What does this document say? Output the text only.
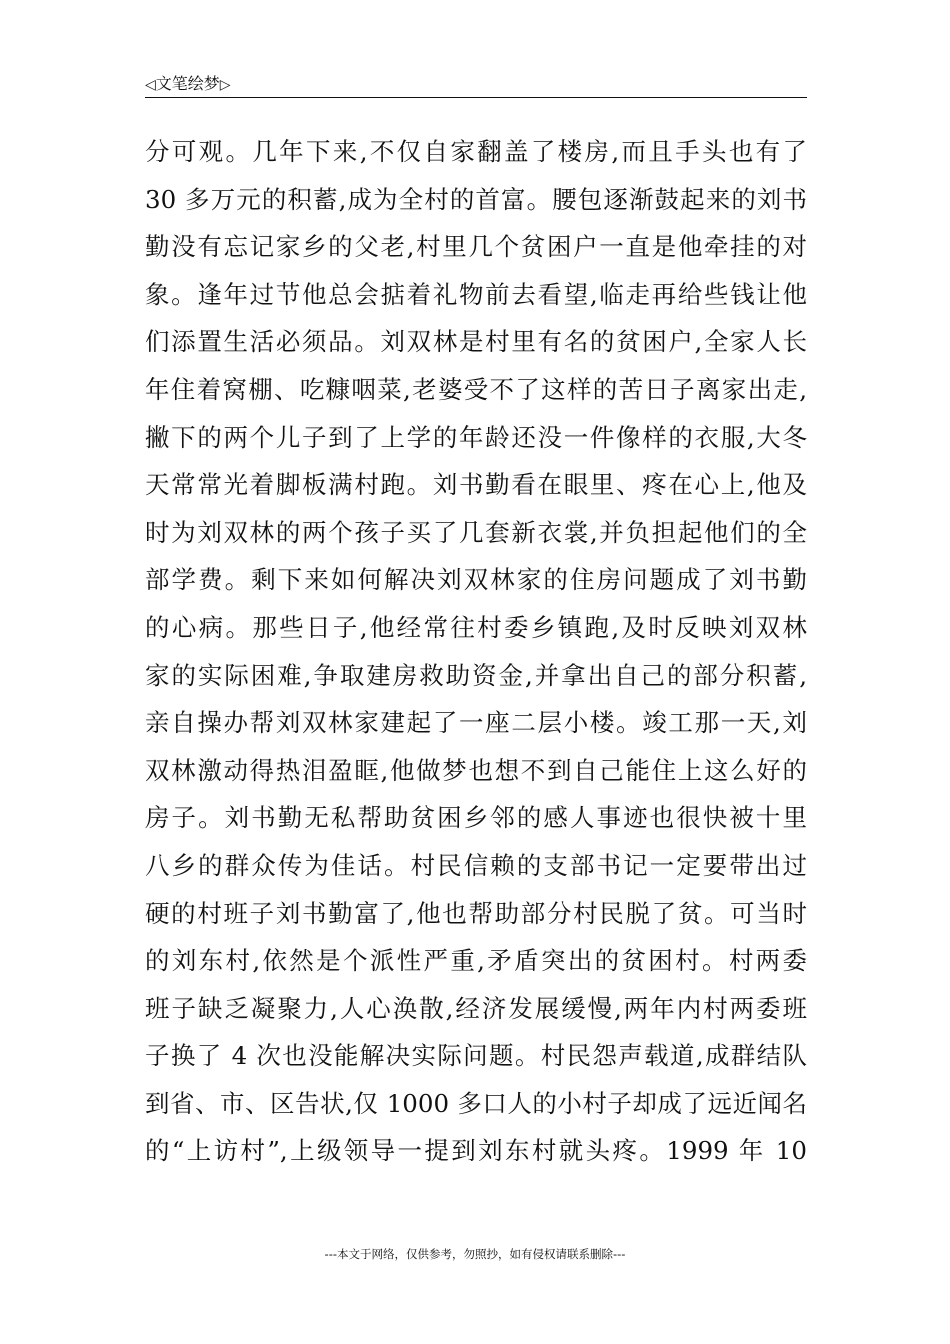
◁文笔绘梦▷
分可观。几年下来,不仅自家翻盖了楼房,而且手头也有了
30 多万元的积蓄,成为全村的首富。腰包逐渐鼓起来的刘书
勤没有忘记家乡的父老,村里几个贫困户一直是他牵挂的对
象。逢年过节他总会掂着礼物前去看望,临走再给些钱让他
们添置生活必须品。刘双林是村里有名的贫困户,全家人长
年住着窝棚、吃糠咽菜,老婆受不了这样的苦日子离家出走,
撇下的两个儿子到了上学的年龄还没一件像样的衣服,大冬
天常常光着脚板满村跑。刘书勤看在眼里、疼在心上,他及
时为刘双林的两个孩子买了几套新衣裳,并负担起他们的全
部学费。剩下来如何解决刘双林家的住房问题成了刘书勤
的心病。那些日子,他经常往村委乡镇跑,及时反映刘双林
家的实际困难,争取建房救助资金,并拿出自己的部分积蓄,
亲自操办帮刘双林家建起了一座二层小楼。竣工那一天,刘
双林激动得热泪盈眶,他做梦也想不到自己能住上这么好的
房子。刘书勤无私帮助贫困乡邻的感人事迹也很快被十里
八乡的群众传为佳话。村民信赖的支部书记一定要带出过
硬的村班子刘书勤富了,他也帮助部分村民脱了贫。可当时
的刘东村,依然是个派性严重,矛盾突出的贫困村。村两委
班子缺乏凝聚力,人心涣散,经济发展缓慢,两年内村两委班
子换了 4 次也没能解决实际问题。村民怨声载道,成群结队
到省、市、区告状,仅 1000 多口人的小村子却成了远近闻名
的“上访村”,上级领导一提到刘东村就头疼。1999 年 10
---本文于网络，仅供参考，勿照抄，如有侵权请联系删除---
